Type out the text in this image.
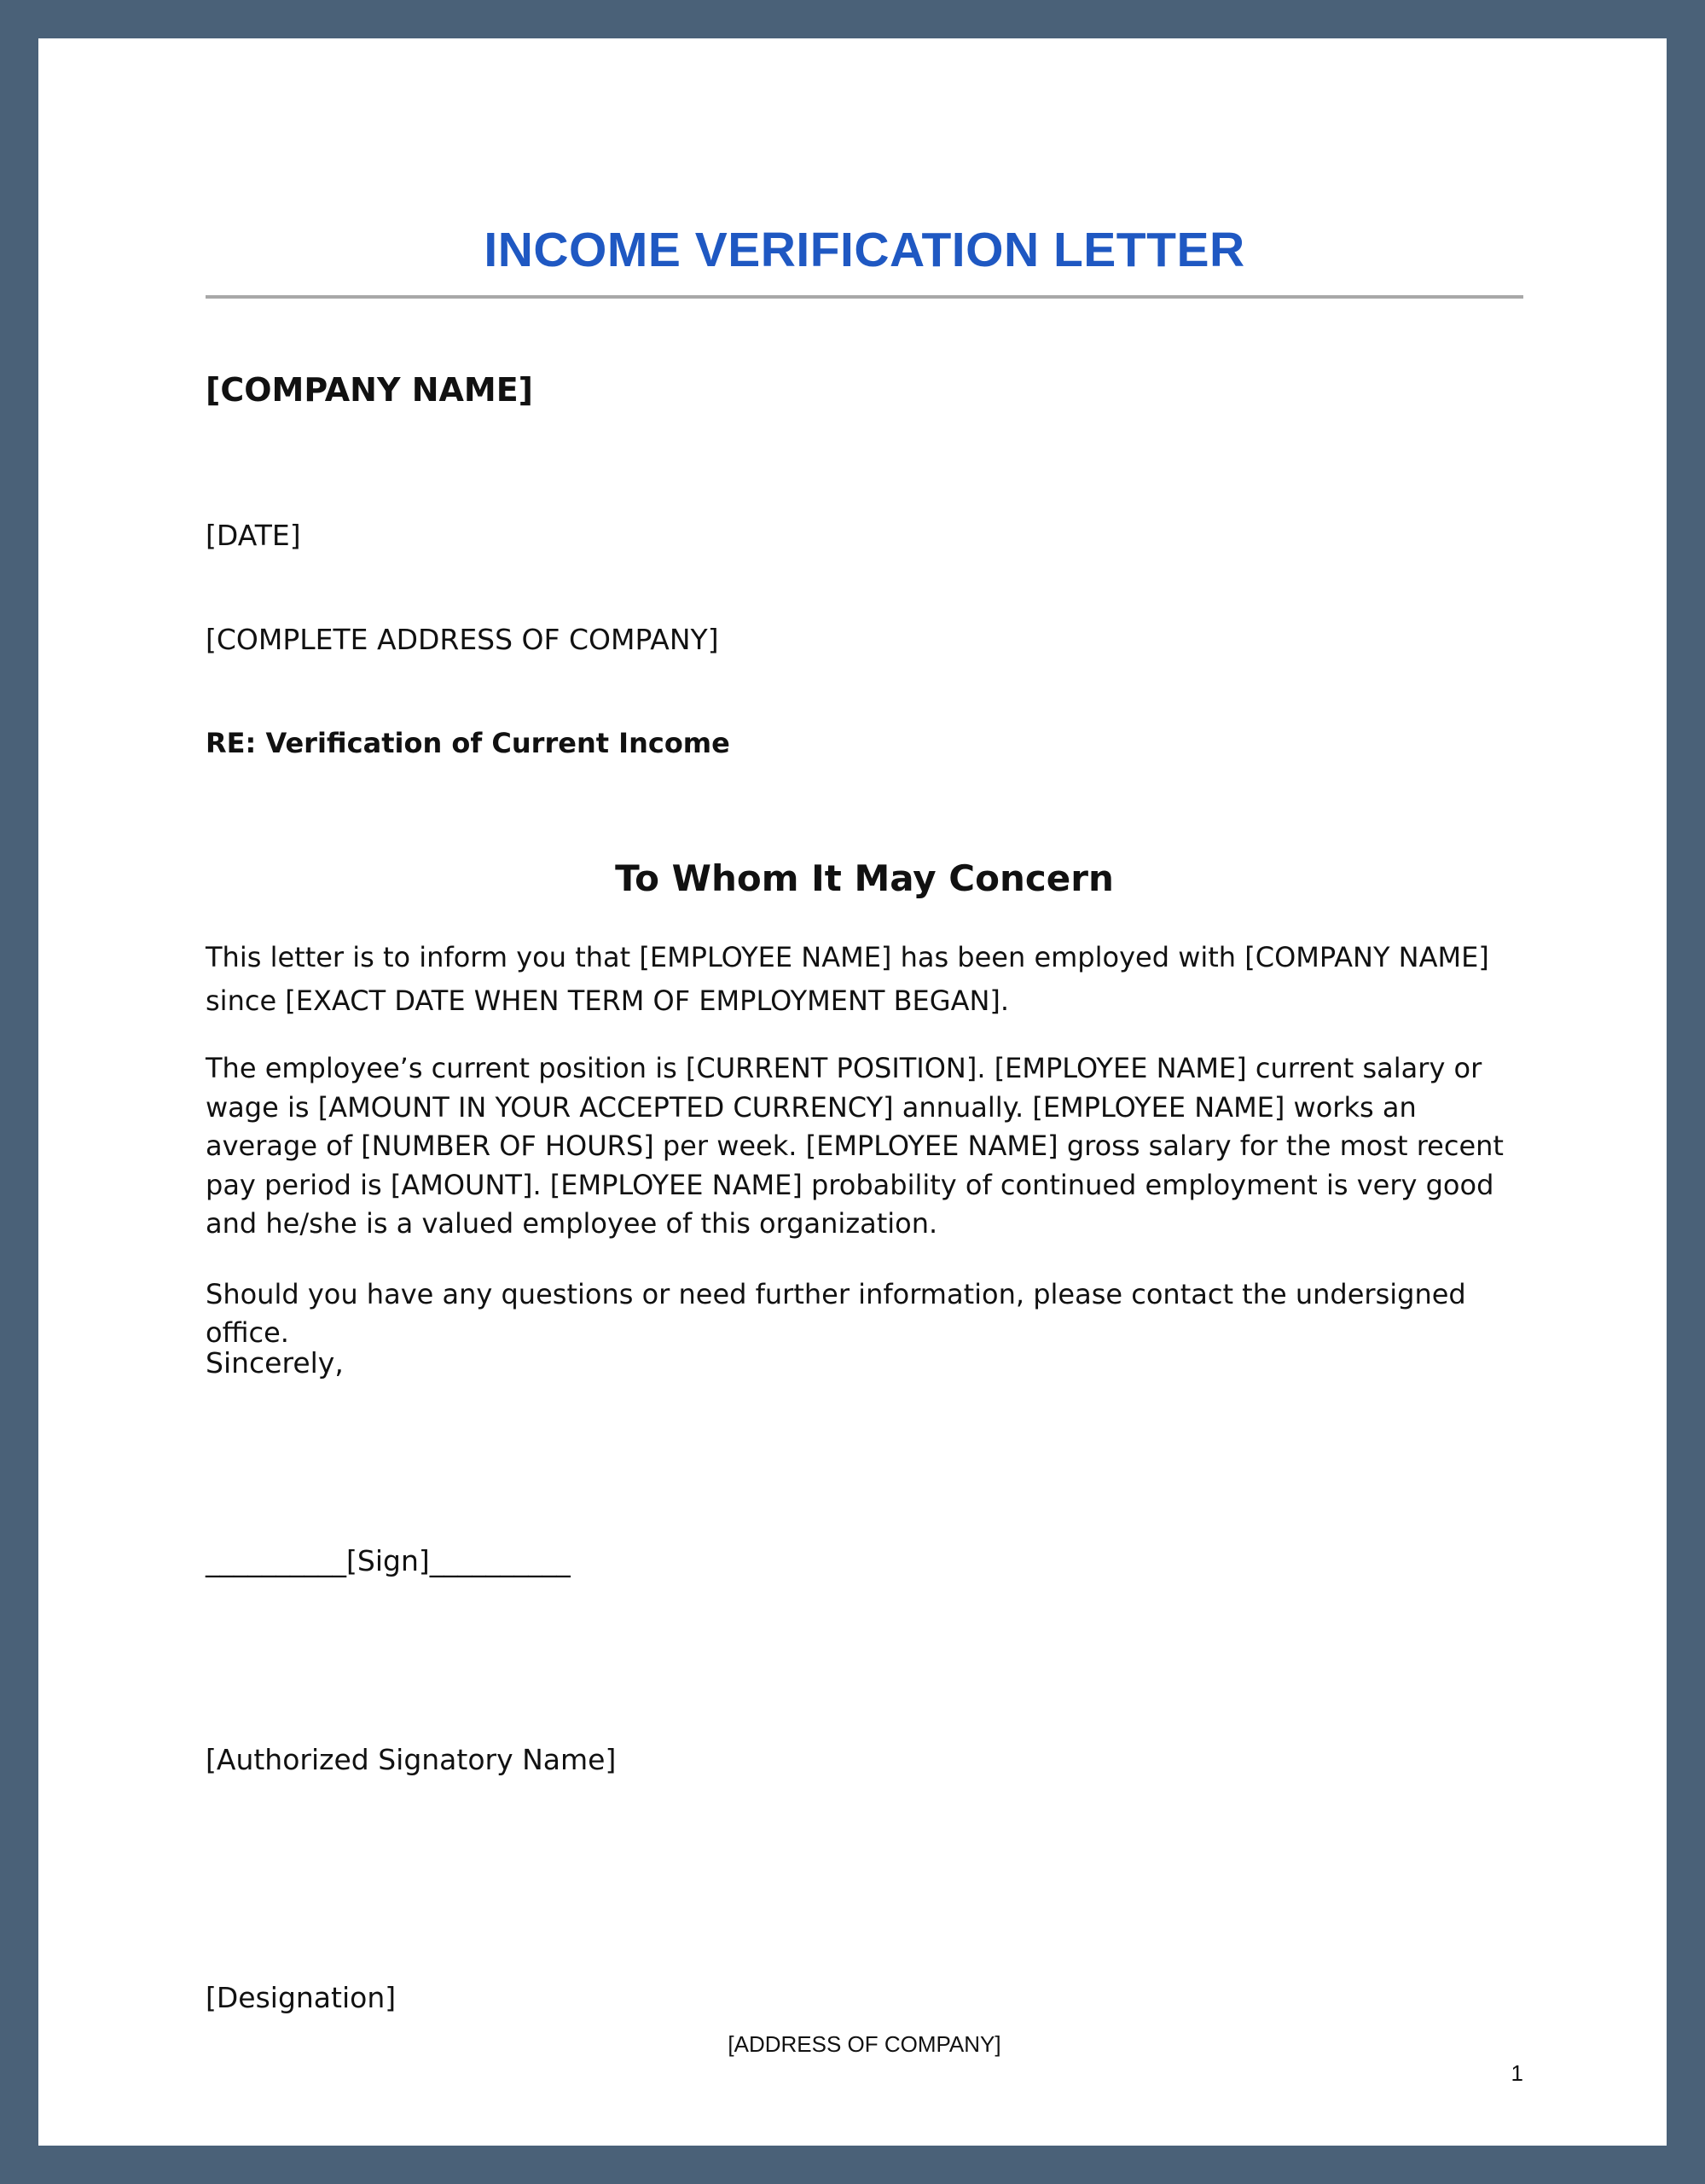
INCOME VERIFICATION LETTER

[COMPANY NAME]

[DATE]

[COMPLETE ADDRESS OF COMPANY]

RE: Verification of Current Income

To Whom It May Concern

This letter is to inform you that [EMPLOYEE NAME] has been employed with [COMPANY NAME] since [EXACT DATE WHEN TERM OF EMPLOYMENT BEGAN].

The employee’s current position is [CURRENT POSITION]. [EMPLOYEE NAME] current salary or wage is [AMOUNT IN YOUR ACCEPTED CURRENCY] annually. [EMPLOYEE NAME] works an average of [NUMBER OF HOURS] per week. [EMPLOYEE NAME] gross salary for the most recent pay period is [AMOUNT]. [EMPLOYEE NAME] probability of continued employment is very good and he/she is a valued employee of this organization.

Should you have any questions or need further information, please contact the undersigned office.

Sincerely,

__________[Sign]__________

[Authorized Signatory Name]

[Designation]

[ADDRESS OF COMPANY]

1
